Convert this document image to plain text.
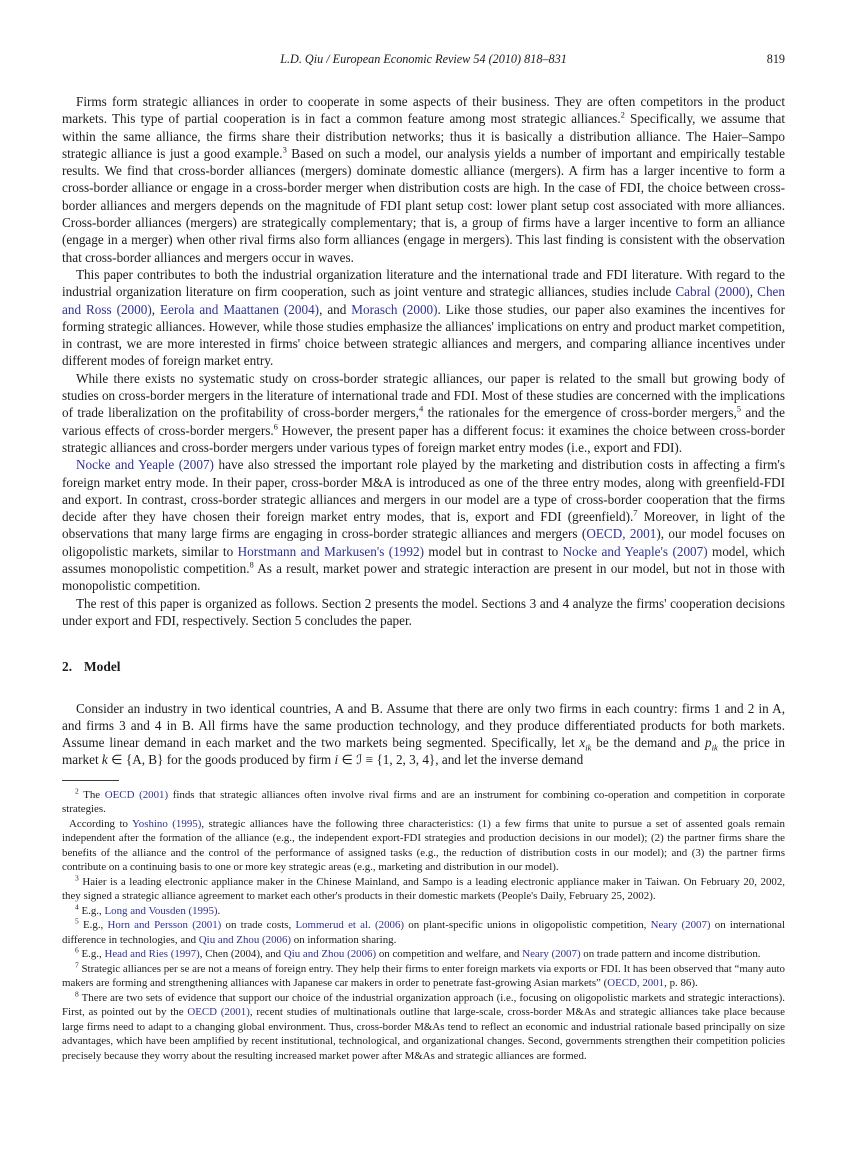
L.D. Qiu / European Economic Review 54 (2010) 818–831	819

Firms form strategic alliances in order to cooperate in some aspects of their business. They are often competitors in the product markets. This type of partial cooperation is in fact a common feature among most strategic alliances.$^2$ Specifically, we assume that within the same alliance, the firms share their distribution networks; thus it is basically a distribution alliance. The Haier–Sampo strategic alliance is just a good example.$^3$ Based on such a model, our analysis yields a number of important and empirically testable results. We find that cross-border alliances (mergers) dominate domestic alliance (mergers). A firm has a larger incentive to form a cross-border alliance or engage in a cross-border merger when distribution costs are high. In the case of FDI, the choice between cross-border alliances and mergers depends on the magnitude of FDI plant setup cost: lower plant setup cost associated with more alliances. Cross-border alliances (mergers) are strategically complementary; that is, a group of firms have a larger incentive to form an alliance (engage in a merger) when other rival firms also form alliances (engage in mergers). This last finding is consistent with the observation that cross-border alliances and mergers occur in waves.

This paper contributes to both the industrial organization literature and the international trade and FDI literature. With regard to the industrial organization literature on firm cooperation, such as joint venture and strategic alliances, studies include Cabral (2000), Chen and Ross (2000), Eerola and Maattanen (2004), and Morasch (2000). Like those studies, our paper also examines the incentives for forming strategic alliances. However, while those studies emphasize the alliances' implications on entry and product market competition, in contrast, we are more interested in firms' choice between strategic alliances and mergers, and comparing alliance incentives under different modes of foreign market entry.

While there exists no systematic study on cross-border strategic alliances, our paper is related to the small but growing body of studies on cross-border mergers in the literature of international trade and FDI. Most of these studies are concerned with the implications of trade liberalization on the profitability of cross-border mergers,$^4$ the rationales for the emergence of cross-border mergers,$^5$ and the various effects of cross-border mergers.$^6$ However, the present paper has a different focus: it examines the choice between cross-border strategic alliances and cross-border mergers under various types of foreign market entry modes (i.e., export and FDI).

Nocke and Yeaple (2007) have also stressed the important role played by the marketing and distribution costs in affecting a firm's foreign market entry mode. In their paper, cross-border M&A is introduced as one of the three entry modes, along with greenfield-FDI and export. In contrast, cross-border strategic alliances and mergers in our model are a type of cross-border cooperation that the firms decide after they have chosen their foreign market entry modes, that is, export and FDI (greenfield).$^7$ Moreover, in light of the observations that many large firms are engaging in cross-border strategic alliances and mergers (OECD, 2001), our model focuses on oligopolistic markets, similar to Horstmann and Markusen's (1992) model but in contrast to Nocke and Yeaple's (2007) model, which assumes monopolistic competition.$^8$ As a result, market power and strategic interaction are present in our model, but not in those with monopolistic competition.

The rest of this paper is organized as follows. Section 2 presents the model. Sections 3 and 4 analyze the firms' cooperation decisions under export and FDI, respectively. Section 5 concludes the paper.

2. Model

Consider an industry in two identical countries, A and B. Assume that there are only two firms in each country: firms 1 and 2 in A, and firms 3 and 4 in B. All firms have the same production technology, and they produce differentiated products for both markets. Assume linear demand in each market and the two markets being segmented. Specifically, let $x_{ik}$ be the demand and $p_{ik}$ the price in market k ∈ {A, B} for the goods produced by firm i ∈ ℐ ≡ {1, 2, 3, 4}, and let the inverse demand

$^2$ The OECD (2001) finds that strategic alliances often involve rival firms and are an instrument for combining co-operation and competition in corporate strategies.

According to Yoshino (1995), strategic alliances have the following three characteristics: (1) a few firms that unite to pursue a set of assented goals remain independent after the formation of the alliance (e.g., the independent export-FDI strategies and production decisions in our model); (2) the partner firms share the benefits of the alliance and the control of the performance of assigned tasks (e.g., the reduction of distribution costs in our model); and (3) the partner firms contribute on a continuing basis to one or more key strategic areas (e.g., marketing and distribution in our model).

$^3$ Haier is a leading electronic appliance maker in the Chinese Mainland, and Sampo is a leading electronic appliance maker in Taiwan. On February 20, 2002, they signed a strategic alliance agreement to market each other's products in their domestic markets (People's Daily, February 25, 2002).

$^4$ E.g., Long and Vousden (1995).

$^5$ E.g., Horn and Persson (2001) on trade costs, Lommerud et al. (2006) on plant-specific unions in oligopolistic competition, Neary (2007) on international difference in technologies, and Qiu and Zhou (2006) on information sharing.

$^6$ E.g., Head and Ries (1997), Chen (2004), and Qiu and Zhou (2006) on competition and welfare, and Neary (2007) on trade pattern and income distribution.

$^7$ Strategic alliances per se are not a means of foreign entry. They help their firms to enter foreign markets via exports or FDI. It has been observed that “many auto makers are forming and strengthening alliances with Japanese car makers in order to penetrate fast-growing Asian markets” (OECD, 2001, p. 86).

$^8$ There are two sets of evidence that support our choice of the industrial organization approach (i.e., focusing on oligopolistic markets and strategic interactions). First, as pointed out by the OECD (2001), recent studies of multinationals outline that large-scale, cross-border M&As and strategic alliances take place because large firms need to adapt to a changing global environment. Thus, cross-border M&As tend to reflect an economic and industrial rationale based principally on size advantages, which have been amplified by recent institutional, technological, and organizational changes. Second, governments strengthen their competition policies precisely because they worry about the resulting increased market power after M&As and strategic alliances are formed.
